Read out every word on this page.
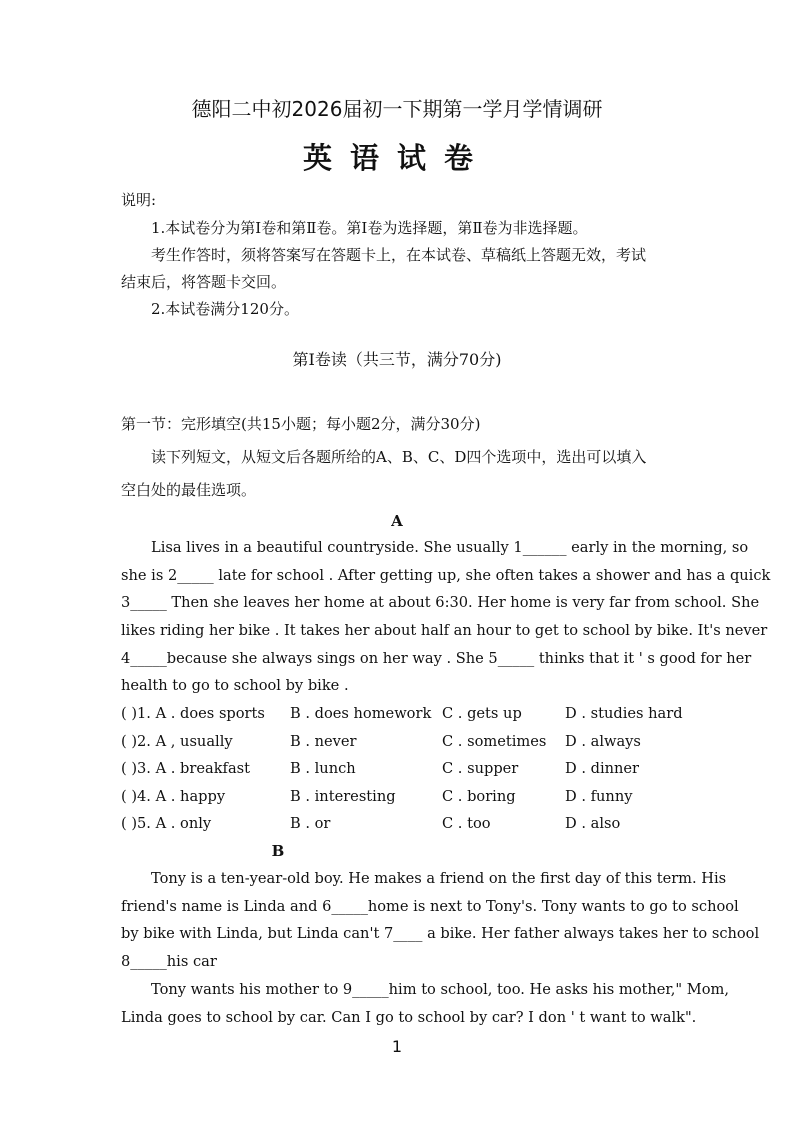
德阳二中初2026届初一下期第一学月学情调研
英语试卷
说明:
1.本试卷分为第Ⅰ卷和第Ⅱ卷。第Ⅰ卷为选择题，第Ⅱ卷为非选择题。
考生作答时，须将答案写在答题卡上，在本试卷、草稿纸上答题无效，考试
结束后，将答题卡交回。
2.本试卷满分120分。
第Ⅰ卷读（共三节，满分70分)
第一节：完形填空(共15小题；每小题2分，满分30分)
读下列短文，从短文后各题所给的A、B、C、D四个选项中，选出可以填入
空白处的最佳选项。
A
Lisa lives in a beautiful countryside. She usually 1______ early in the morning, so
she is 2_____ late for school . After getting up, she often takes a shower and has a quick
3_____ Then she leaves her home at about 6:30. Her home is very far from school. She
likes riding her bike . It takes her about half an hour to get to school by bike. It's never
4_____because she always sings on her way . She 5_____ thinks that it ' s good for her
health to go to school by bike .
( )1. A . does sports B . does homework C . gets up	D . studies hard
( )2. A , usually	B . never	C . sometimes D . always
( )3. A . breakfast	B . lunch	C . supper	D . dinner
( )4. A . happy	B . interesting	C . boring	D . funny
( )5. A . only	B . or	C . too	D . also
B
Tony is a ten-year-old boy. He makes a friend on the first day of this term. His
friend's name is Linda and 6_____home is next to Tony's. Tony wants to go to school
by bike with Linda, but Linda can't 7____ a bike. Her father always takes her to school
8_____his car
Tony wants his mother to 9_____him to school, too. He asks his mother," Mom,
Linda goes to school by car. Can I go to school by car? I don ' t want to walk".
1
